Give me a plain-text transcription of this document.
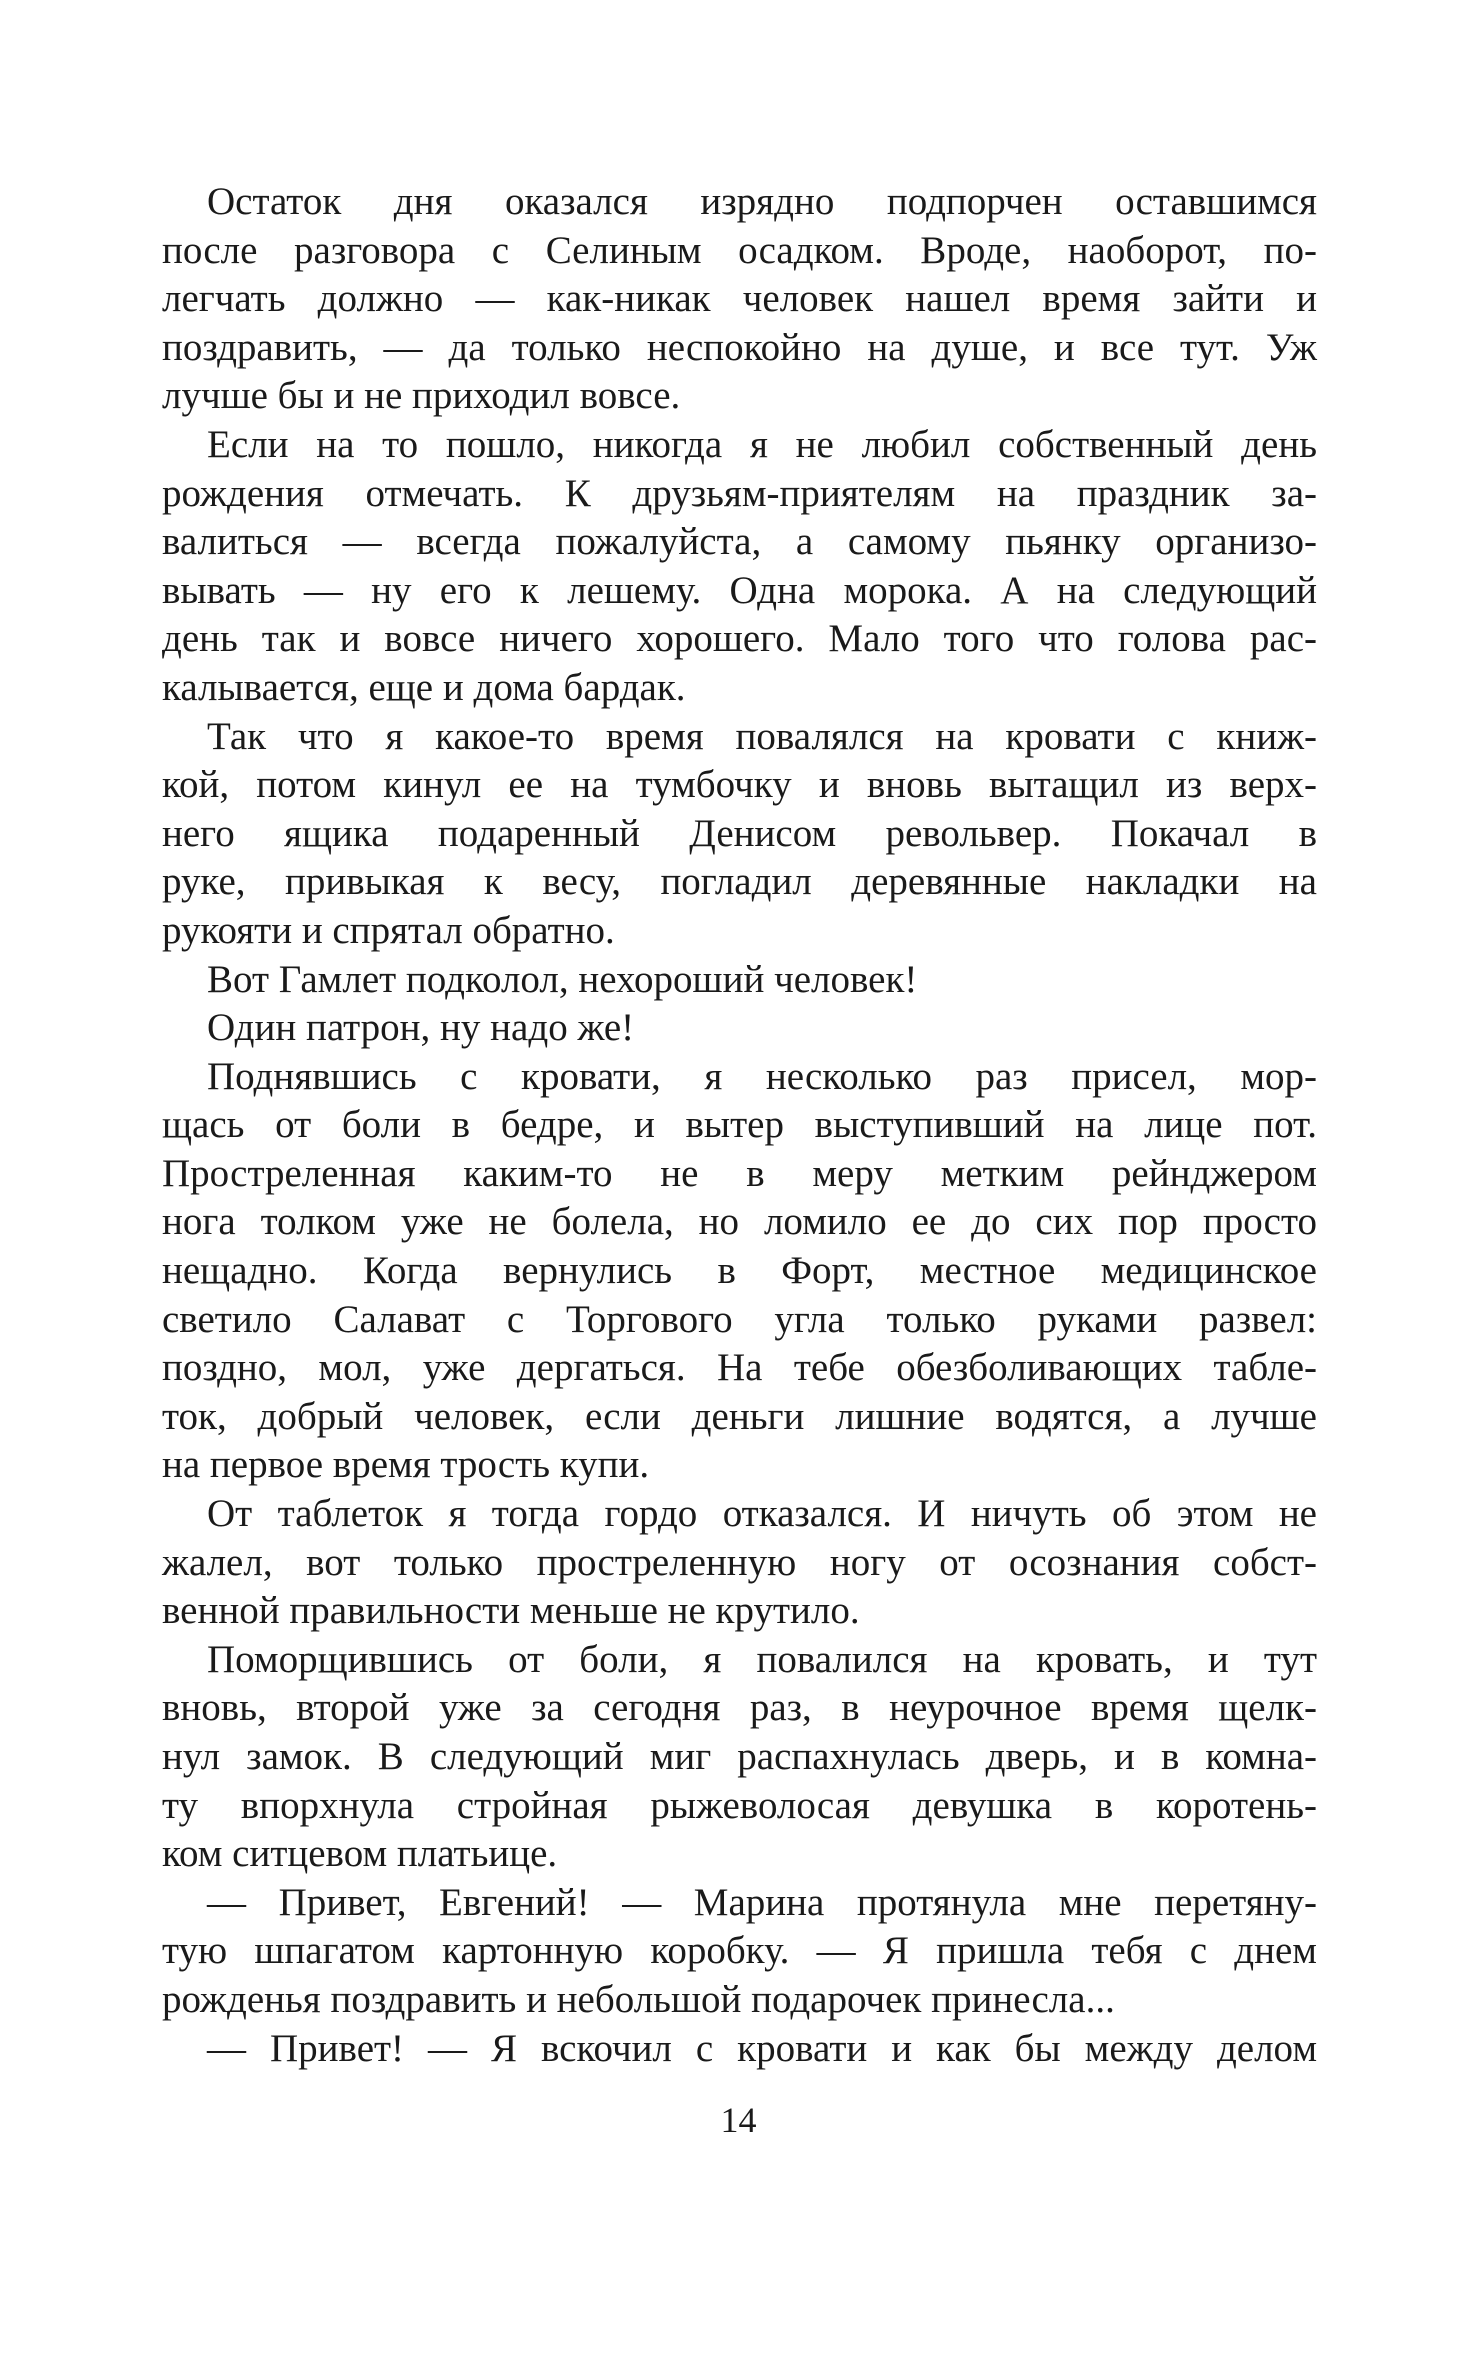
Остаток дня оказался изрядно подпорчен оставшимся
после разговора с Селиным осадком. Вроде, наоборот, по-
легчать должно — как-никак человек нашел время зайти и
поздравить, — да только неспокойно на душе, и все тут. Уж
лучше бы и не приходил вовсе.
Если на то пошло, никогда я не любил собственный день
рождения отмечать. К друзьям-приятелям на праздник за-
валиться — всегда пожалуйста, а самому пьянку организо-
вывать — ну его к лешему. Одна морока. А на следующий
день так и вовсе ничего хорошего. Мало того что голова рас-
калывается, еще и дома бардак.
Так что я какое-то время повалялся на кровати с книж-
кой, потом кинул ее на тумбочку и вновь вытащил из верх-
него ящика подаренный Денисом револьвер. Покачал в
руке, привыкая к весу, погладил деревянные накладки на
рукояти и спрятал обратно.
Вот Гамлет подколол, нехороший человек!
Один патрон, ну надо же!
Поднявшись с кровати, я несколько раз присел, мор-
щась от боли в бедре, и вытер выступивший на лице пот.
Простреленная каким-то не в меру метким рейнджером
нога толком уже не болела, но ломило ее до сих пор просто
нещадно. Когда вернулись в Форт, местное медицинское
светило Салават с Торгового угла только руками развел:
поздно, мол, уже дергаться. На тебе обезболивающих табле-
ток, добрый человек, если деньги лишние водятся, а лучше
на первое время трость купи.
От таблеток я тогда гордо отказался. И ничуть об этом не
жалел, вот только простреленную ногу от осознания собст-
венной правильности меньше не крутило.
Поморщившись от боли, я повалился на кровать, и тут
вновь, второй уже за сегодня раз, в неурочное время щелк-
нул замок. В следующий миг распахнулась дверь, и в комна-
ту впорхнула стройная рыжеволосая девушка в коротень-
ком ситцевом платьице.
— Привет, Евгений! — Марина протянула мне перетяну-
тую шпагатом картонную коробку. — Я пришла тебя с днем
рожденья поздравить и небольшой подарочек принесла...
— Привет! — Я вскочил с кровати и как бы между делом
14
